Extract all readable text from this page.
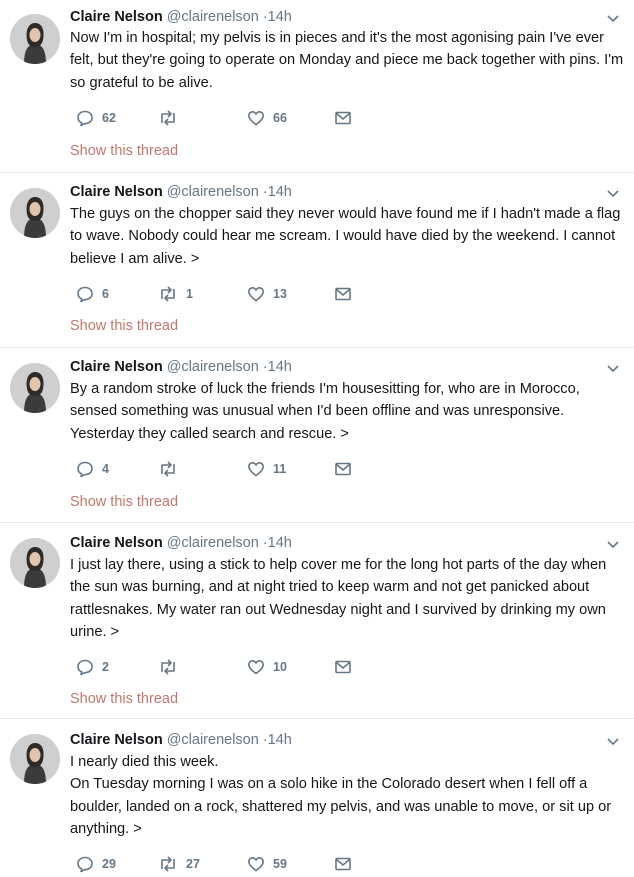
Claire Nelson @clairenelson ·14h

Now I'm in hospital; my pelvis is in pieces and it's the most agonising pain I've ever felt, but they're going to operate on Monday and piece me back together with pins. I'm so grateful to be alive.

62	66
Show this thread
Claire Nelson @clairenelson ·14h

The guys on the chopper said they never would have found me if I hadn't made a flag to wave. Nobody could hear me scream. I would have died by the weekend. I cannot believe I am alive. >

6	1	13
Show this thread
Claire Nelson @clairenelson ·14h

By a random stroke of luck the friends I'm housesitting for, who are in Morocco, sensed something was unusual when I'd been offline and was unresponsive. Yesterday they called search and rescue. >

4	11
Show this thread
Claire Nelson @clairenelson ·14h

I just lay there, using a stick to help cover me for the long hot parts of the day when the sun was burning, and at night tried to keep warm and not get panicked about rattlesnakes. My water ran out Wednesday night and I survived by drinking my own urine. >

2	10
Show this thread
Claire Nelson @clairenelson ·14h

I nearly died this week.

On Tuesday morning I was on a solo hike in the Colorado desert when I fell off a boulder, landed on a rock, shattered my pelvis, and was unable to move, or sit up or anything. >

29	27	59
